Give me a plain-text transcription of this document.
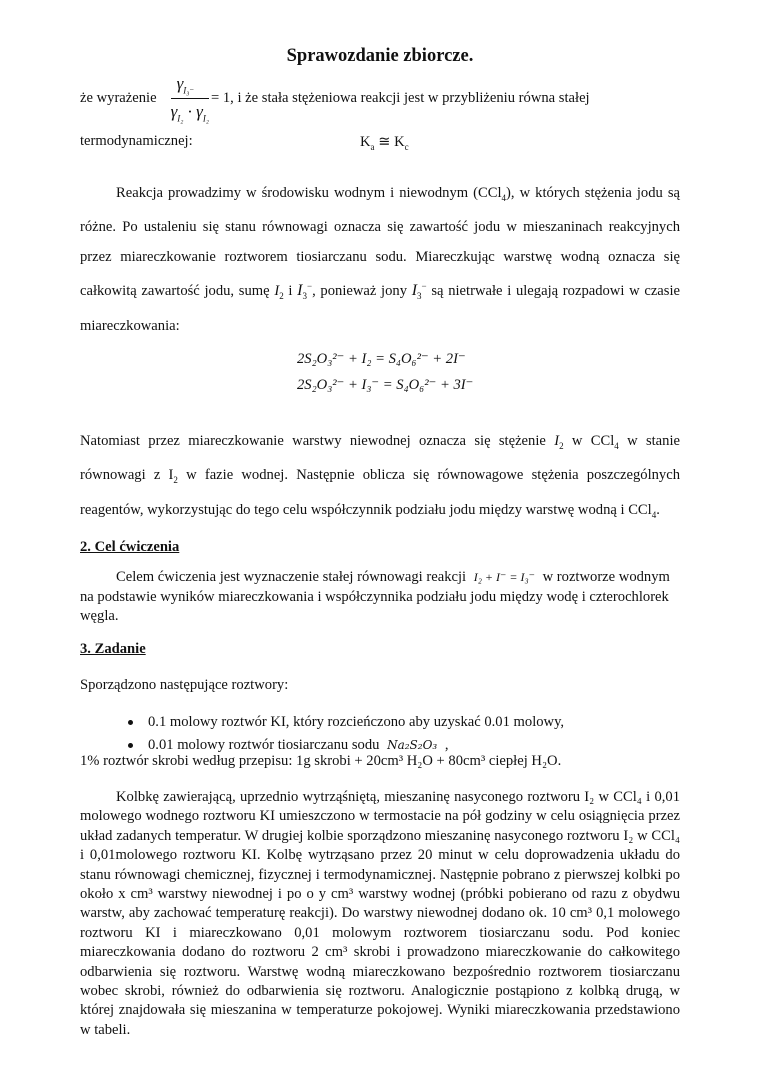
Sprawozdanie zbiorcze.
że wyrażenie $\frac{\gamma_{I_3^-}}{\gamma_{I_2} \cdot \gamma_{I_2}} = 1$, i że stała stężeniowa reakcji jest w przybliżeniu równa stałej
termodynamicznej:	$K_a$ ≅ $K_c$
Reakcja prowadzimy w środowisku wodnym i niewodnym (CCl$_4$), w których stężenia jodu są różne. Po ustaleniu się stanu równowagi oznacza się zawartość jodu w mieszaninach reakcyjnych przez miareczkowanie roztworem tiosiarczanu sodu. Miareczkując warstwę wodną oznacza się całkowitą zawartość jodu, sumę $I_2$ i $I_3^-$, ponieważ jony $I_3^-$ są nietrwałe i ulegają rozpadowi w czasie miareczkowania:
2S₂O₃²⁻ + I₂ = S₄O₆²⁻ + 2I⁻
2S₂O₃²⁻ + I₃⁻ = S₄O₆²⁻ + 3I⁻
Natomiast przez miareczkowanie warstwy niewodnej oznacza się stężenie $I_2$ w CCl$_4$ w stanie równowagi z $I_2$ w fazie wodnej. Następnie oblicza się równowagowe stężenia poszczególnych reagentów, wykorzystując do tego celu współczynnik podziału jodu między warstwę wodną i CCl$_4$.
2. Cel ćwiczenia
Celem ćwiczenia jest wyznaczenie stałej równowagi reakcji I₂ + I⁻ = I₃⁻ w roztworze wodnym na podstawie wyników miareczkowania i współczynnika podziału jodu między wodę i czterochlorek węgla.
3. Zadanie
Sporządzono następujące roztwory:
0.1 molowy roztwór KI, który rozcieńczono aby uzyskać 0.01 molowy,
0.01 molowy roztwór tiosiarczanu sodu Na₂S₂O₃ ,
1% roztwór skrobi według przepisu: 1g skrobi + 20cm³ H₂O + 80cm³ ciepłej H₂O.
Kolbkę zawierającą, uprzednio wytrząśniętą, mieszaninę nasyconego roztworu I₂ w CCl₄ i 0,01 molowego wodnego roztworu KI umieszczono w termostacie na pół godziny w celu osiągnięcia przez układ zadanych temperatur. W drugiej kolbie sporządzono mieszaninę nasyconego roztworu I₂ w CCl₄ i 0,01molowego roztworu KI. Kolbę wytrząsano przez 20 minut w celu doprowadzenia układu do stanu równowagi chemicznej, fizycznej i termodynamicznej. Następnie pobrano z pierwszej kolbki po około x cm³ warstwy niewodnej i po o y cm³ warstwy wodnej (próbki pobierano od razu z obydwu warstw, aby zachować temperaturę reakcji). Do warstwy niewodnej dodano ok. 10 cm³ 0,1 molowego roztworu KI i miareczkowano 0,01 molowym roztworem tiosiarczanu sodu. Pod koniec miareczkowania dodano do roztworu 2 cm³ skrobi i prowadzono miareczkowanie do całkowitego odbarwienia się roztworu. Warstwę wodną miareczkowano bezpośrednio roztworem tiosiarczanu wobec skrobi, również do odbarwienia się roztworu. Analogicznie postąpiono z kolbką drugą, w której znajdowała się mieszanina w temperaturze pokojowej. Wyniki miareczkowania przedstawiono w tabeli.
